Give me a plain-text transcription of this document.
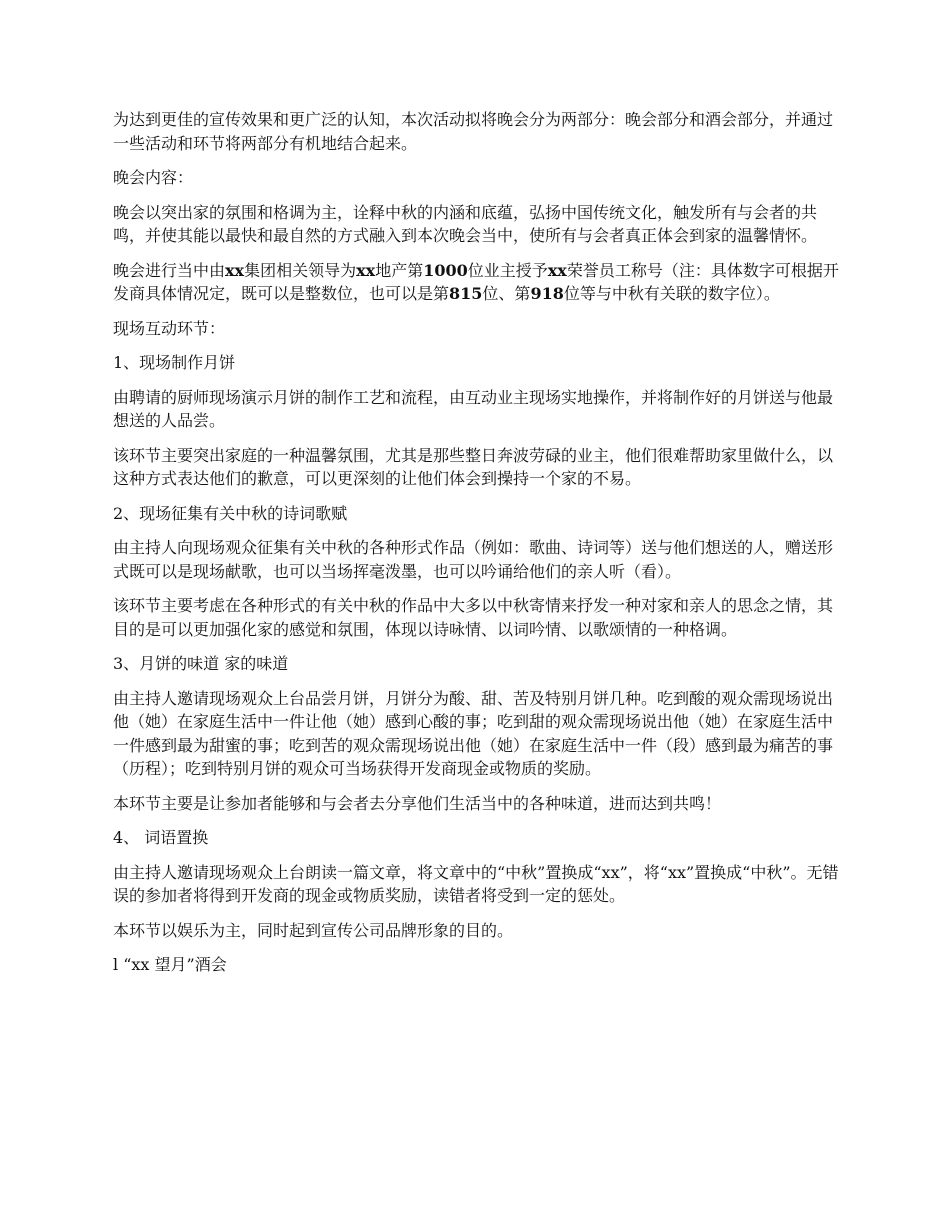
为达到更佳的宣传效果和更广泛的认知，本次活动拟将晚会分为两部分：晚会部分和酒会部分，并通过一些活动和环节将两部分有机地结合起来。

晚会内容：

晚会以突出家的氛围和格调为主，诠释中秋的内涵和底蕴，弘扬中国传统文化，触发所有与会者的共鸣，并使其能以最快和最自然的方式融入到本次晚会当中，使所有与会者真正体会到家的温馨情怀。

晚会进行当中由xx集团相关领导为xx地产第1000位业主授予xx荣誉员工称号（注：具体数字可根据开发商具体情况定，既可以是整数位，也可以是第815位、第918位等与中秋有关联的数字位）。

现场互动环节：

1、现场制作月饼

由聘请的厨师现场演示月饼的制作工艺和流程，由互动业主现场实地操作，并将制作好的月饼送与他最想送的人品尝。

该环节主要突出家庭的一种温馨氛围，尤其是那些整日奔波劳碌的业主，他们很难帮助家里做什么，以这种方式表达他们的歉意，可以更深刻的让他们体会到操持一个家的不易。

2、现场征集有关中秋的诗词歌赋

由主持人向现场观众征集有关中秋的各种形式作品（例如：歌曲、诗词等）送与他们想送的人，赠送形式既可以是现场献歌，也可以当场挥毫泼墨，也可以吟诵给他们的亲人听（看）。

该环节主要考虑在各种形式的有关中秋的作品中大多以中秋寄情来抒发一种对家和亲人的思念之情，其目的是可以更加强化家的感觉和氛围，体现以诗咏情、以词吟情、以歌颂情的一种格调。

3、月饼的味道 家的味道

由主持人邀请现场观众上台品尝月饼，月饼分为酸、甜、苦及特别月饼几种。吃到酸的观众需现场说出他（她）在家庭生活中一件让他（她）感到心酸的事；吃到甜的观众需现场说出他（她）在家庭生活中一件感到最为甜蜜的事；吃到苦的观众需现场说出他（她）在家庭生活中一件（段）感到最为痛苦的事（历程）；吃到特别月饼的观众可当场获得开发商现金或物质的奖励。

本环节主要是让参加者能够和与会者去分享他们生活当中的各种味道，进而达到共鸣！

4、 词语置换

由主持人邀请现场观众上台朗读一篇文章，将文章中的“中秋”置换成“xx”，将“xx”置换成“中秋”。无错误的参加者将得到开发商的现金或物质奖励，读错者将受到一定的惩处。

本环节以娱乐为主，同时起到宣传公司品牌形象的目的。

l “xx 望月”酒会
